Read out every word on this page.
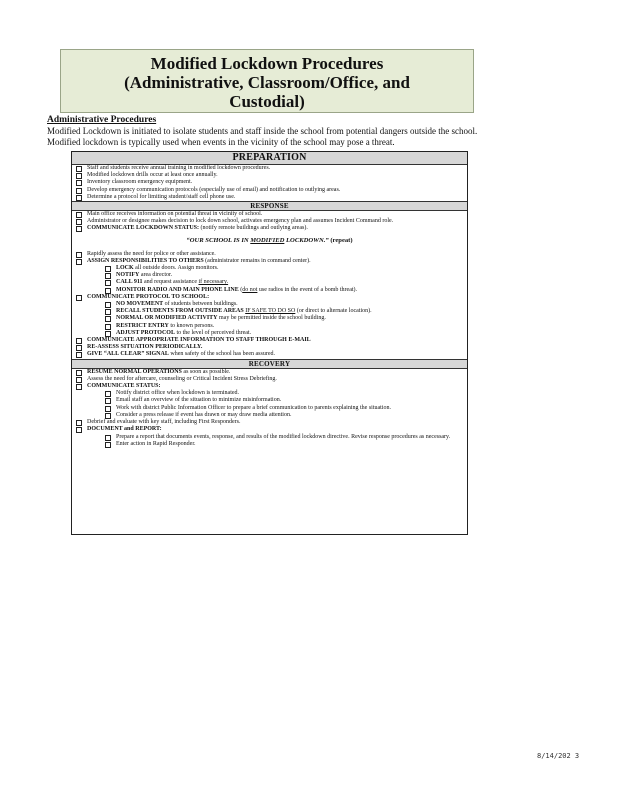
Modified Lockdown Procedures
(Administrative, Classroom/Office, and
Custodial)
Administrative Procedures
Modified Lockdown is initiated to isolate students and staff inside the school from potential dangers outside the school. Modified lockdown is typically used when events in the vicinity of the school may pose a threat.
PREPARATION
Staff and students receive annual training in modified lockdown procedures.
Modified lockdown drills occur at least once annually.
Inventory classroom emergency equipment.
Develop emergency communication protocols (especially use of email) and notification to outlying areas.
Determine a protocol for limiting student/staff cell phone use.
RESPONSE
Main office receives information on potential threat in vicinity of school.
Administrator or designee makes decision to lock down school, activates emergency plan and assumes Incident Command role.
COMMUNICATE LOCKDOWN STATUS: (notify remote buildings and outlying areas).
“OUR SCHOOL IS IN MODIFIED LOCKDOWN.” (repeat)
Rapidly assess the need for police or other assistance.
ASSIGN RESPONSIBILITIES TO OTHERS (administrator remains in command center).
LOCK all outside doors. Assign monitors.
NOTIFY area director.
CALL 911 and request assistance if necessary.
MONITOR RADIO AND MAIN PHONE LINE (do not use radios in the event of a bomb threat).
COMMUNICATE PROTOCOL TO SCHOOL:
NO MOVEMENT of students between buildings.
RECALL STUDENTS FROM OUTSIDE AREAS IF SAFE TO DO SO (or direct to alternate location).
NORMAL OR MODIFIED ACTIVITY may be permitted inside the school building.
RESTRICT ENTRY to known persons.
ADJUST PROTOCOL to the level of perceived threat.
COMMUNICATE APPROPRIATE INFORMATION TO STAFF THROUGH E-MAIL
RE-ASSESS SITUATION PERIODICALLY.
GIVE “ALL CLEAR” SIGNAL when safety of the school has been assured.
RECOVERY
RESUME NORMAL OPERATIONS as soon as possible.
Assess the need for aftercare, counseling or Critical Incident Stress Debriefing.
COMMUNICATE STATUS:
Notify district office when lockdown is terminated.
Email staff an overview of the situation to minimize misinformation.
Work with district Public Information Officer to prepare a brief communication to parents explaining the situation.
Consider a press release if event has drawn or may draw media attention.
Debrief and evaluate with key staff, including First Responders.
DOCUMENT and REPORT:
Prepare a report that documents events, response, and results of the modified lockdown directive. Revise response procedures as necessary.
Enter action in Rapid Responder.
8/14/202 3
